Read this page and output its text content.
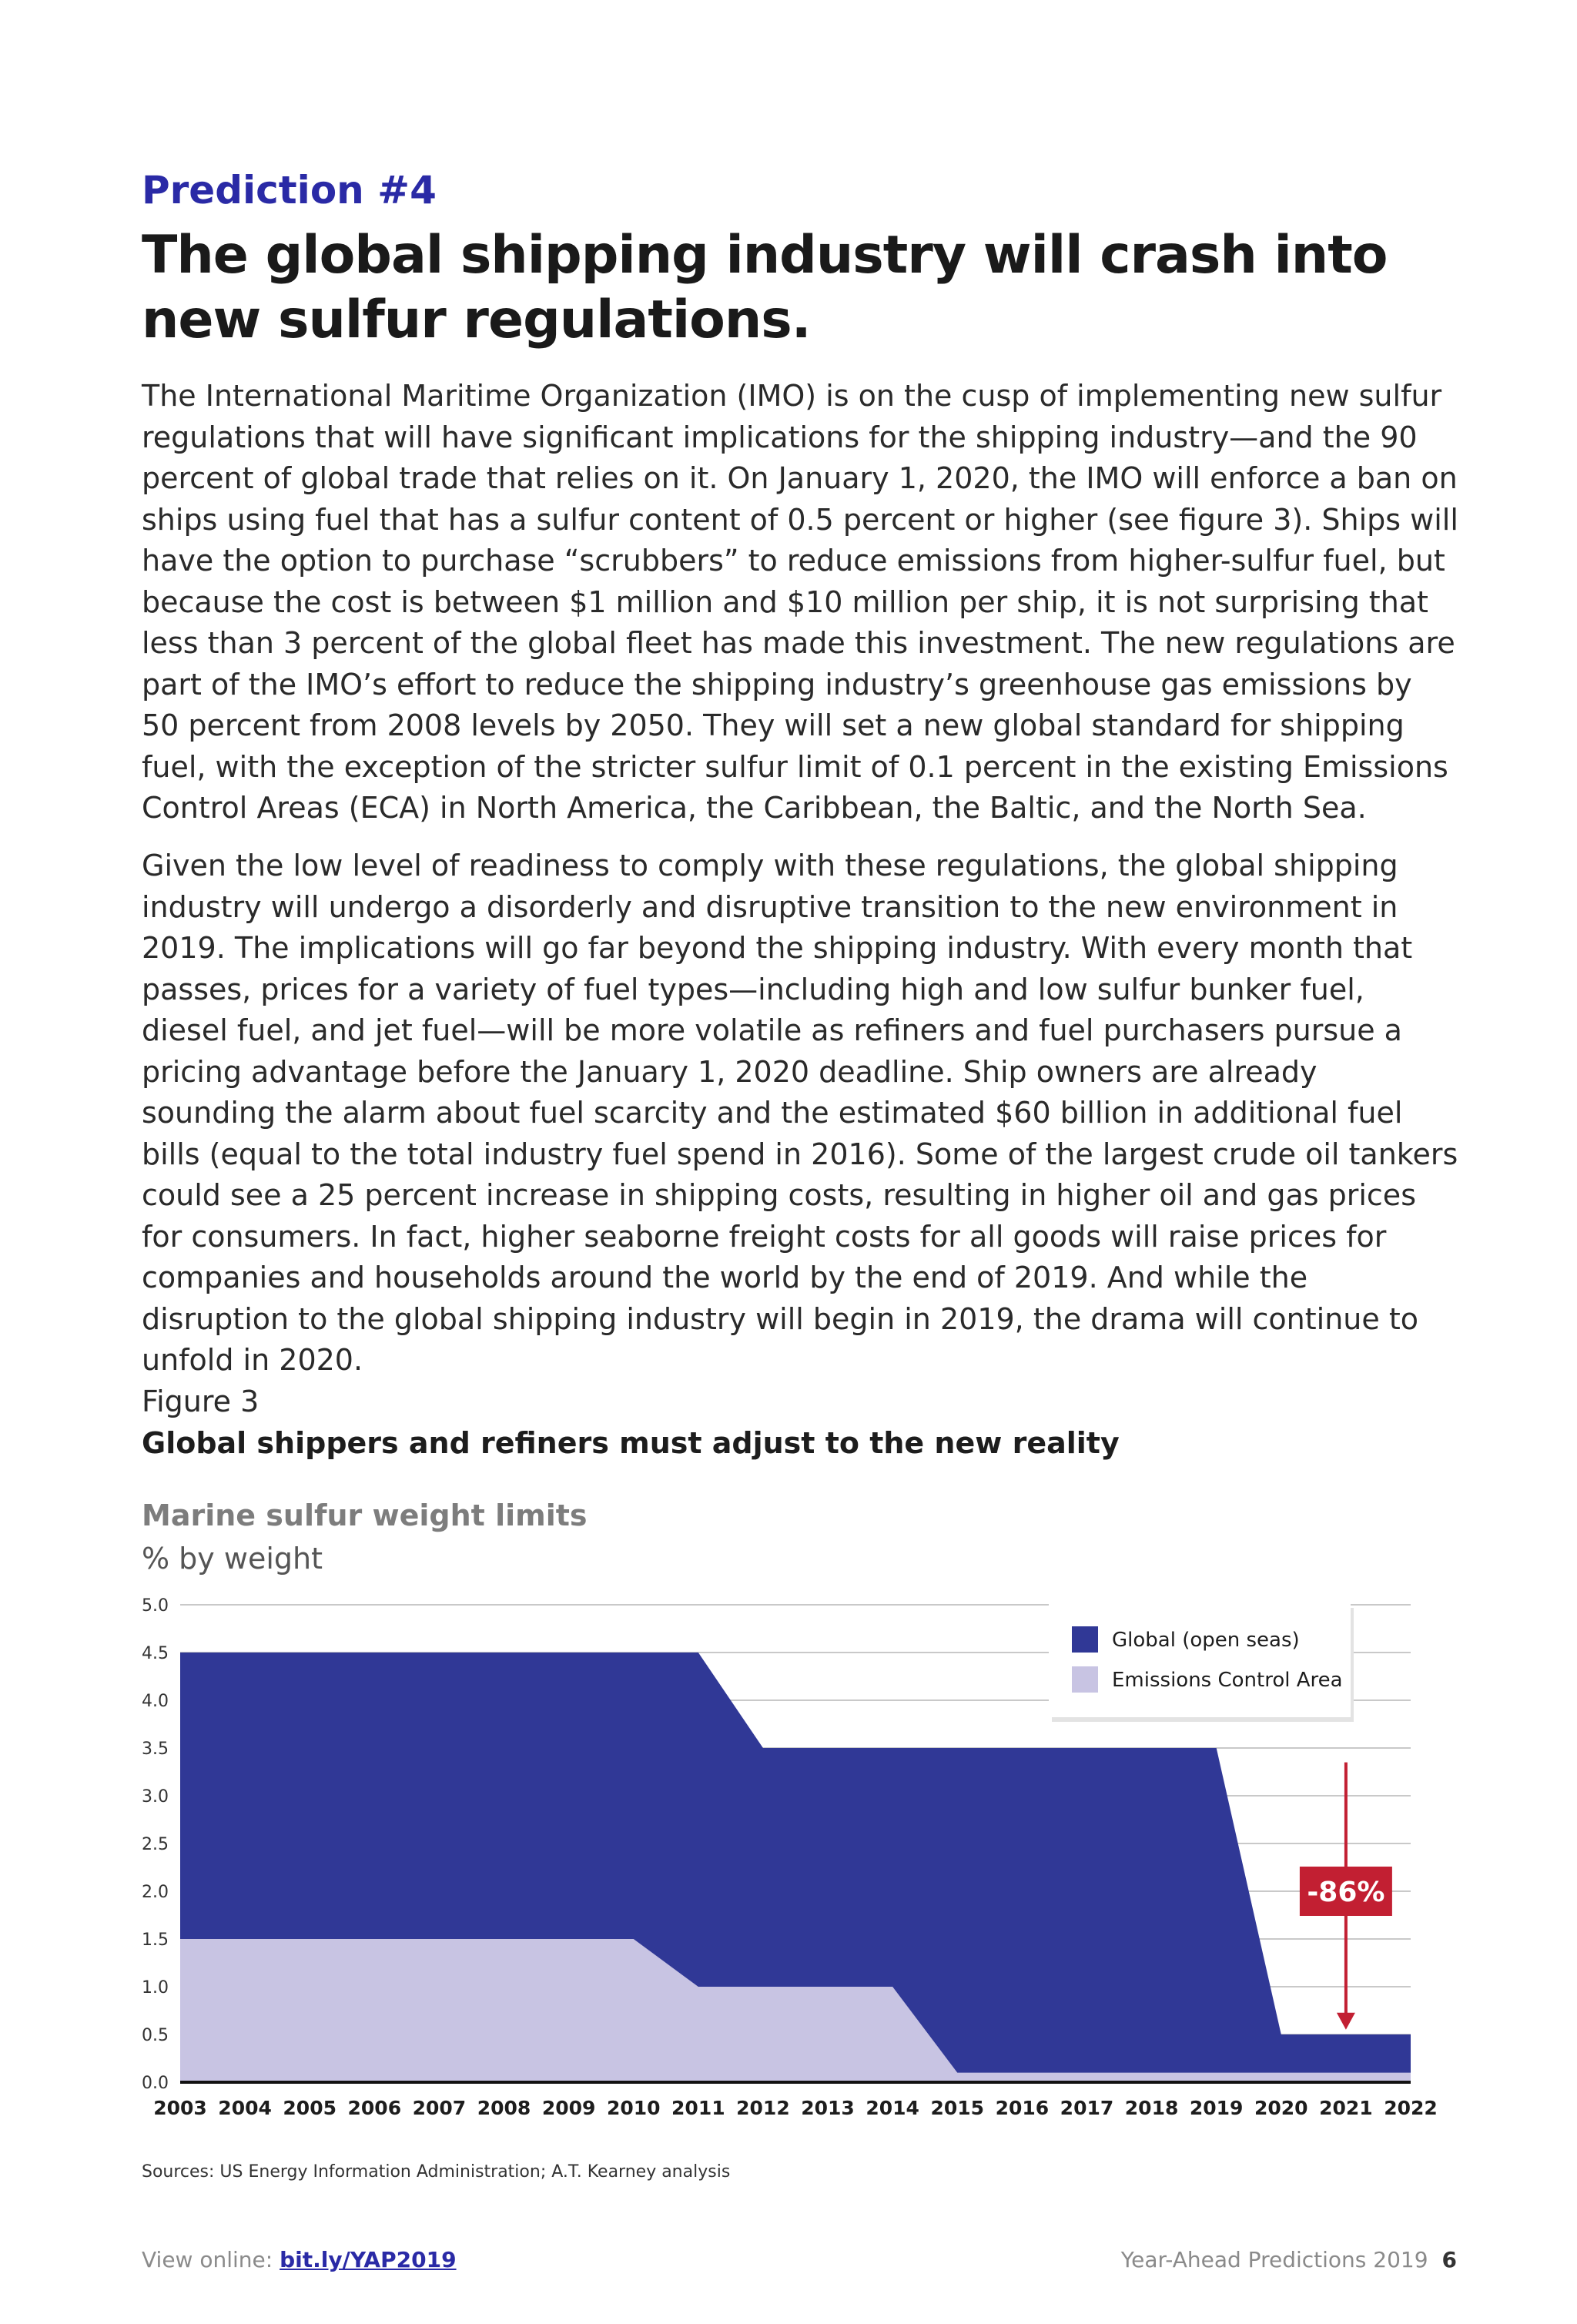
Prediction #4
The global shipping industry will crash into new sulfur regulations.

The International Maritime Organization (IMO) is on the cusp of implementing new sulfur regulations that will have significant implications for the shipping industry—and the 90 percent of global trade that relies on it. On January 1, 2020, the IMO will enforce a ban on ships using fuel that has a sulfur content of 0.5 percent or higher (see figure 3). Ships will have the option to purchase “scrubbers” to reduce emissions from higher-sulfur fuel, but because the cost is between $1 million and $10 million per ship, it is not surprising that less than 3 percent of the global fleet has made this investment. The new regulations are part of the IMO’s effort to reduce the shipping industry’s greenhouse gas emissions by 50 percent from 2008 levels by 2050. They will set a new global standard for shipping fuel, with the exception of the stricter sulfur limit of 0.1 percent in the existing Emissions Control Areas (ECA) in North America, the Caribbean, the Baltic, and the North Sea.

Given the low level of readiness to comply with these regulations, the global shipping industry will undergo a disorderly and disruptive transition to the new environment in 2019. The implications will go far beyond the shipping industry. With every month that passes, prices for a variety of fuel types—including high and low sulfur bunker fuel, diesel fuel, and jet fuel—will be more volatile as refiners and fuel purchasers pursue a pricing advantage before the January 1, 2020 deadline. Ship owners are already sounding the alarm about fuel scarcity and the estimated $60 billion in additional fuel bills (equal to the total industry fuel spend in 2016). Some of the largest crude oil tankers could see a 25 percent increase in shipping costs, resulting in higher oil and gas prices for consumers. In fact, higher seaborne freight costs for all goods will raise prices for companies and households around the world by the end of 2019. And while the disruption to the global shipping industry will begin in 2019, the drama will continue to unfold in 2020.

Figure 3
Global shippers and refiners must adjust to the new reality
Marine sulfur weight limits
% by weight
0.0
0.5
1.0
1.5
2.0
2.5
3.0
3.5
4.0
4.5
5.0
2003 2004 2005 2006 2007 2008 2009 2010 2011 2012 2013 2014 2015 2016 2017 2018 2019 2020 2021 2022
Global (open seas)
Emissions Control Area
-86%
Sources: US Energy Information Administration; A.T. Kearney analysis
View online: bit.ly/YAP2019	Year-Ahead Predictions 2019 6
